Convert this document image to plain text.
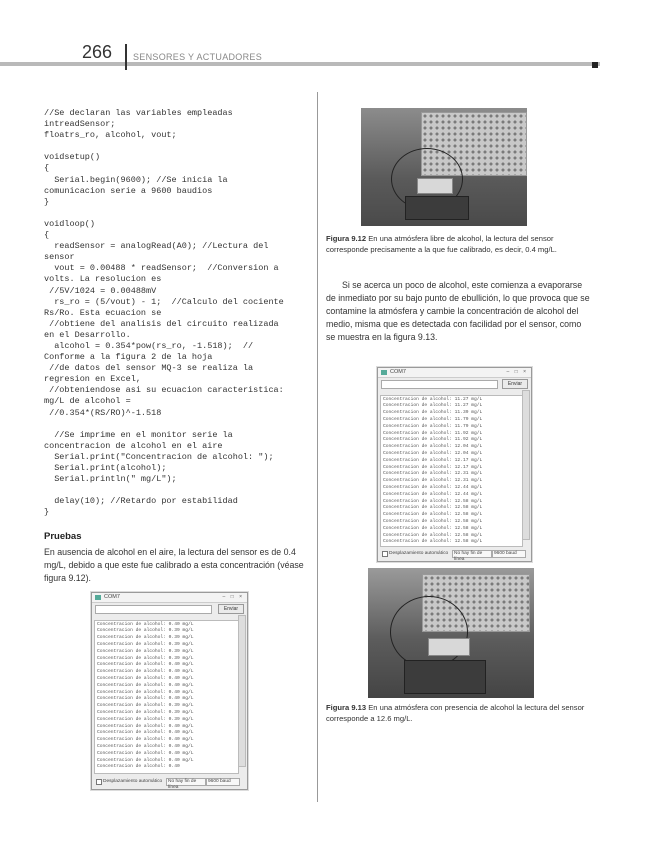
266 SENSORES Y ACTUADORES
//Se declaran las variables empleadas
intreadSensor;
floatrs_ro, alcohol, vout;

voidsetup()
{
Serial.begin(9600); //Se inicia la
comunicacion serie a 9600 baudios
}

voidloop()
{
readSensor = analogRead(A0); //Lectura del
sensor
vout = 0.00488 * readSensor;  //Conversion a
volts. La resolucion es
//5V/1024 = 0.00488mV
rs_ro = (5/vout) - 1;  //Calculo del cociente
Rs/Ro. Esta ecuacion se
//obtiene del analisis del circuito realizada
en el Desarrollo.
alcohol = 0.354*pow(rs_ro, -1.518);  //
Conforme a la figura 2 de la hoja
//de datos del sensor MQ-3 se realiza la
regresion en Excel,
//obteniendose asi su ecuacion caracteristica:
mg/L de alcohol =
//0.354*(RS/RO)^-1.518

//Se imprime en el monitor serie la
concentracion de alcohol en el aire
Serial.print("Concentracion de alcohol: ");
Serial.print(alcohol);
Serial.println(" mg/L");

delay(10); //Retardo por estabilidad
}
Pruebas

En ausencia de alcohol en el aire, la lectura del sensor es de 0.4 mg/L, debido a que este fue calibrado a esta concentración (véase figura 9.12).

COM7	– □ ×
Enviar
Concentracion de alcohol: 0.40 mg/L
Concentracion de alcohol: 0.39 mg/L
Concentracion de alcohol: 0.39 mg/L
Concentracion de alcohol: 0.39 mg/L
Concentracion de alcohol: 0.39 mg/L
Concentracion de alcohol: 0.39 mg/L
Concentracion de alcohol: 0.40 mg/L
Concentracion de alcohol: 0.40 mg/L
Concentracion de alcohol: 0.40 mg/L
Concentracion de alcohol: 0.40 mg/L
Concentracion de alcohol: 0.40 mg/L
Concentracion de alcohol: 0.40 mg/L
Concentracion de alcohol: 0.39 mg/L
Concentracion de alcohol: 0.39 mg/L
Concentracion de alcohol: 0.39 mg/L
Concentracion de alcohol: 0.40 mg/L
Concentracion de alcohol: 0.40 mg/L
Concentracion de alcohol: 0.40 mg/L
Concentracion de alcohol: 0.40 mg/L
Concentracion de alcohol: 0.40 mg/L
Concentracion de alcohol: 0.40 mg/L
Concentracion de alcohol: 0.40
Desplazamiento automático	No hay fin de línea
9600 baud

Figura 9.12 En una atmósfera libre de alcohol, la lectura del sensor corresponde precisamente a la que fue calibrado, es decir, 0.4 mg/L.

Si se acerca un poco de alcohol, este comienza a evaporarse de inmediato por su bajo punto de ebullición, lo que provoca que se contamine la atmósfera y cambie la concentración de alcohol del medio, misma que es detectada con facilidad por el sensor, como se muestra en la figura 9.13.

COM7	– □ ×
Enviar
Concentracion de alcohol: 11.27 mg/L
Concentracion de alcohol: 11.27 mg/L
Concentracion de alcohol: 11.39 mg/L
Concentracion de alcohol: 11.79 mg/L
Concentracion de alcohol: 11.79 mg/L
Concentracion de alcohol: 11.92 mg/L
Concentracion de alcohol: 11.92 mg/L
Concentracion de alcohol: 12.04 mg/L
Concentracion de alcohol: 12.04 mg/L
Concentracion de alcohol: 12.17 mg/L
Concentracion de alcohol: 12.17 mg/L
Concentracion de alcohol: 12.31 mg/L
Concentracion de alcohol: 12.31 mg/L
Concentracion de alcohol: 12.44 mg/L
Concentracion de alcohol: 12.44 mg/L
Concentracion de alcohol: 12.58 mg/L
Concentracion de alcohol: 12.58 mg/L
Concentracion de alcohol: 12.58 mg/L
Concentracion de alcohol: 12.58 mg/L
Concentracion de alcohol: 12.58 mg/L
Concentracion de alcohol: 12.58 mg/L
Concentracion de alcohol: 12.58 mg/L
Desplazamiento automático	No hay fin de línea
9600 baud

Figura 9.13 En una atmósfera con presencia de alcohol la lectura del sensor corresponde a 12.6 mg/L.
